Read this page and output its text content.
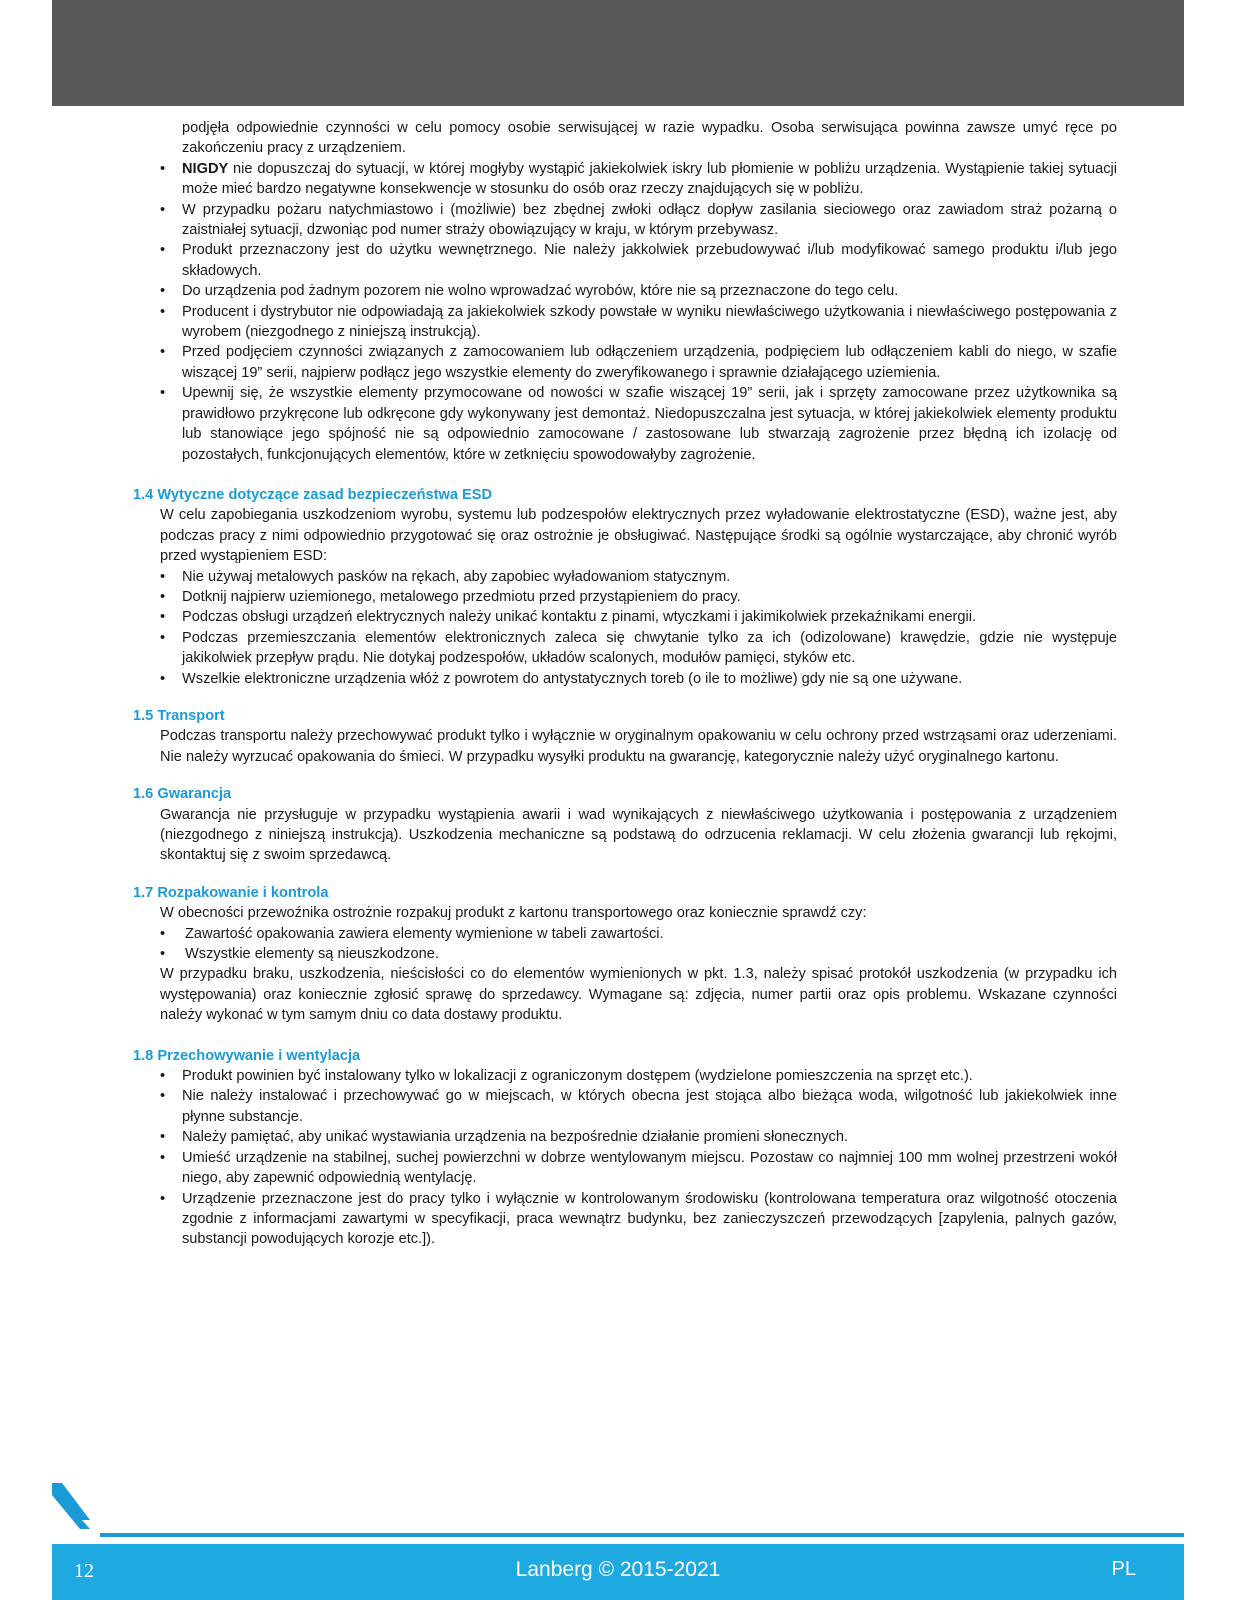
podjęła odpowiednie czynności w celu pomocy osobie serwisującej w razie wypadku. Osoba serwisująca powinna zawsze umyć ręce po zakończeniu pracy z urządzeniem.

• NIGDY nie dopuszczaj do sytuacji, w której mogłyby wystąpić jakiekolwiek iskry lub płomienie w pobliżu urządzenia. Wystąpienie takiej sytuacji może mieć bardzo negatywne konsekwencje w stosunku do osób oraz rzeczy znajdujących się w pobliżu.
• W przypadku pożaru natychmiastowo i (możliwie) bez zbędnej zwłoki odłącz dopływ zasilania sieciowego oraz zawiadom straż pożarną o zaistniałej sytuacji, dzwoniąc pod numer straży obowiązujący w kraju, w którym przebywasz.
• Produkt przeznaczony jest do użytku wewnętrznego. Nie należy jakkolwiek przebudowywać i/lub modyfikować samego produktu i/lub jego składowych.
• Do urządzenia pod żadnym pozorem nie wolno wprowadzać wyrobów, które nie są przeznaczone do tego celu.
• Producent i dystrybutor nie odpowiadają za jakiekolwiek szkody powstałe w wyniku niewłaściwego użytkowania i niewłaściwego postępowania z wyrobem (niezgodnego z niniejszą instrukcją).
• Przed podjęciem czynności związanych z zamocowaniem lub odłączeniem urządzenia, podpięciem lub odłączeniem kabli do niego, w szafie wiszącej 19” serii, najpierw podłącz jego wszystkie elementy do zweryfikowanego i sprawnie działającego uziemienia.
• Upewnij się, że wszystkie elementy przymocowane od nowości w szafie wiszącej 19” serii, jak i sprzęty zamocowane przez użytkownika są prawidłowo przykręcone lub odkręcone gdy wykonywany jest demontaż. Niedopuszczalna jest sytuacja, w której jakiekolwiek elementy produktu lub stanowiące jego spójność nie są odpowiednio zamocowane / zastosowane lub stwarzają zagrożenie przez błędną ich izolację od pozostałych, funkcjonujących elementów, które w zetknięciu spowodowałyby zagrożenie.
1.4 Wytyczne dotyczące zasad bezpieczeństwa ESD

W celu zapobiegania uszkodzeniom wyrobu, systemu lub podzespołów elektrycznych przez wyładowanie elektrostatyczne (ESD), ważne jest, aby podczas pracy z nimi odpowiednio przygotować się oraz ostrożnie je obsługiwać. Następujące środki są ogólnie wystarczające, aby chronić wyrób przed wystąpieniem ESD:

• Nie używaj metalowych pasków na rękach, aby zapobiec wyładowaniom statycznym.
• Dotknij najpierw uziemionego, metalowego przedmiotu przed przystąpieniem do pracy.
• Podczas obsługi urządzeń elektrycznych należy unikać kontaktu z pinami, wtyczkami i jakimikolwiek przekaźnikami energii.
• Podczas przemieszczania elementów elektronicznych zaleca się chwytanie tylko za ich (odizolowane) krawędzie, gdzie nie występuje jakikolwiek przepływ prądu. Nie dotykaj podzespołów, układów scalonych, modułów pamięci, styków etc.
• Wszelkie elektroniczne urządzenia włóż z powrotem do antystatycznych toreb (o ile to możliwe) gdy nie są one używane.
1.5 Transport

Podczas transportu należy przechowywać produkt tylko i wyłącznie w oryginalnym opakowaniu w celu ochrony przed wstrząsami oraz uderzeniami. Nie należy wyrzucać opakowania do śmieci. W przypadku wysyłki produktu na gwarancję, kategorycznie należy użyć oryginalnego kartonu.

1.6 Gwarancja

Gwarancja nie przysługuje w przypadku wystąpienia awarii i wad wynikających z niewłaściwego użytkowania i postępowania z urządzeniem (niezgodnego z niniejszą instrukcją). Uszkodzenia mechaniczne są podstawą do odrzucenia reklamacji. W celu złożenia gwarancji lub rękojmi, skontaktuj się z swoim sprzedawcą.

1.7 Rozpakowanie i kontrola

W obecności przewoźnika ostrożnie rozpakuj produkt z kartonu transportowego oraz koniecznie sprawdź czy:

• Zawartość opakowania zawiera elementy wymienione w tabeli zawartości.
• Wszystkie elementy są nieuszkodzone.

W przypadku braku, uszkodzenia, nieścisłości co do elementów wymienionych w pkt. 1.3, należy spisać protokół uszkodzenia (w przypadku ich występowania) oraz koniecznie zgłosić sprawę do sprzedawcy. Wymagane są: zdjęcia, numer partii oraz opis problemu. Wskazane czynności należy wykonać w tym samym dniu co data dostawy produktu.

1.8 Przechowywanie i wentylacja
• Produkt powinien być instalowany tylko w lokalizacji z ograniczonym dostępem (wydzielone pomieszczenia na sprzęt etc.).
• Nie należy instalować i przechowywać go w miejscach, w których obecna jest stojąca albo bieżąca woda, wilgotność lub jakiekolwiek inne płynne substancje.
• Należy pamiętać, aby unikać wystawiania urządzenia na bezpośrednie działanie promieni słonecznych.
• Umieść urządzenie na stabilnej, suchej powierzchni w dobrze wentylowanym miejscu. Pozostaw co najmniej 100 mm wolnej przestrzeni wokół niego, aby zapewnić odpowiednią wentylację.
• Urządzenie przeznaczone jest do pracy tylko i wyłącznie w kontrolowanym środowisku (kontrolowana temperatura oraz wilgotność otoczenia zgodnie z informacjami zawartymi w specyfikacji, praca wewnątrz budynku, bez zanieczyszczeń przewodzących [zapylenia, palnych gazów, substancji powodujących korozje etc.]).
12	Lanberg © 2015-2021	PL
